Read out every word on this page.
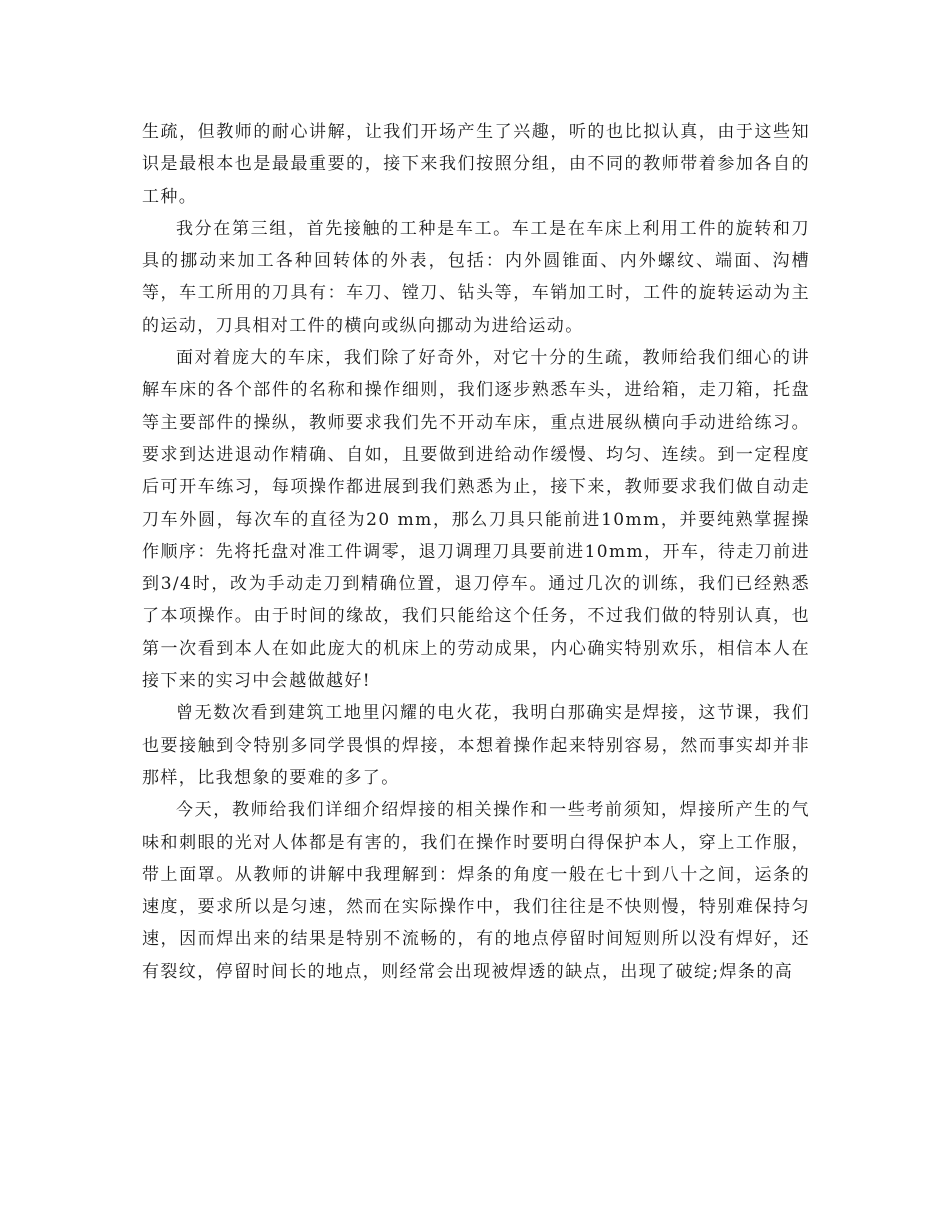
生疏，但教师的耐心讲解，让我们开场产生了兴趣，听的也比拟认真，由于这些知识是最根本也是最最重要的，接下来我们按照分组，由不同的教师带着参加各自的工种。

我分在第三组，首先接触的工种是车工。车工是在车床上利用工件的旋转和刀具的挪动来加工各种回转体的外表，包括：内外圆锥面、内外螺纹、端面、沟槽等，车工所用的刀具有：车刀、镗刀、钻头等，车销加工时，工件的旋转运动为主的运动，刀具相对工件的横向或纵向挪动为进给运动。

面对着庞大的车床，我们除了好奇外，对它十分的生疏，教师给我们细心的讲解车床的各个部件的名称和操作细则，我们逐步熟悉车头，进给箱，走刀箱，托盘等主要部件的操纵，教师要求我们先不开动车床，重点进展纵横向手动进给练习。要求到达进退动作精确、自如，且要做到进给动作缓慢、均匀、连续。到一定程度后可开车练习，每项操作都进展到我们熟悉为止，接下来，教师要求我们做自动走刀车外圆，每次车的直径为20 mm，那么刀具只能前进10mm，并要纯熟掌握操作顺序：先将托盘对准工件调零，退刀调理刀具要前进10mm，开车，待走刀前进到3/4时，改为手动走刀到精确位置，退刀停车。通过几次的训练，我们已经熟悉了本项操作。由于时间的缘故，我们只能给这个任务，不过我们做的特别认真，也第一次看到本人在如此庞大的机床上的劳动成果，内心确实特别欢乐，相信本人在接下来的实习中会越做越好!

曾无数次看到建筑工地里闪耀的电火花，我明白那确实是焊接，这节课，我们也要接触到令特别多同学畏惧的焊接，本想着操作起来特别容易，然而事实却并非那样，比我想象的要难的多了。

今天，教师给我们详细介绍焊接的相关操作和一些考前须知，焊接所产生的气味和刺眼的光对人体都是有害的，我们在操作时要明白得保护本人，穿上工作服，带上面罩。从教师的讲解中我理解到：焊条的角度一般在七十到八十之间，运条的速度，要求所以是匀速，然而在实际操作中，我们往往是不快则慢，特别难保持匀速，因而焊出来的结果是特别不流畅的，有的地点停留时间短则所以没有焊好，还有裂纹，停留时间长的地点，则经常会出现被焊透的缺点，出现了破绽;焊条的高
